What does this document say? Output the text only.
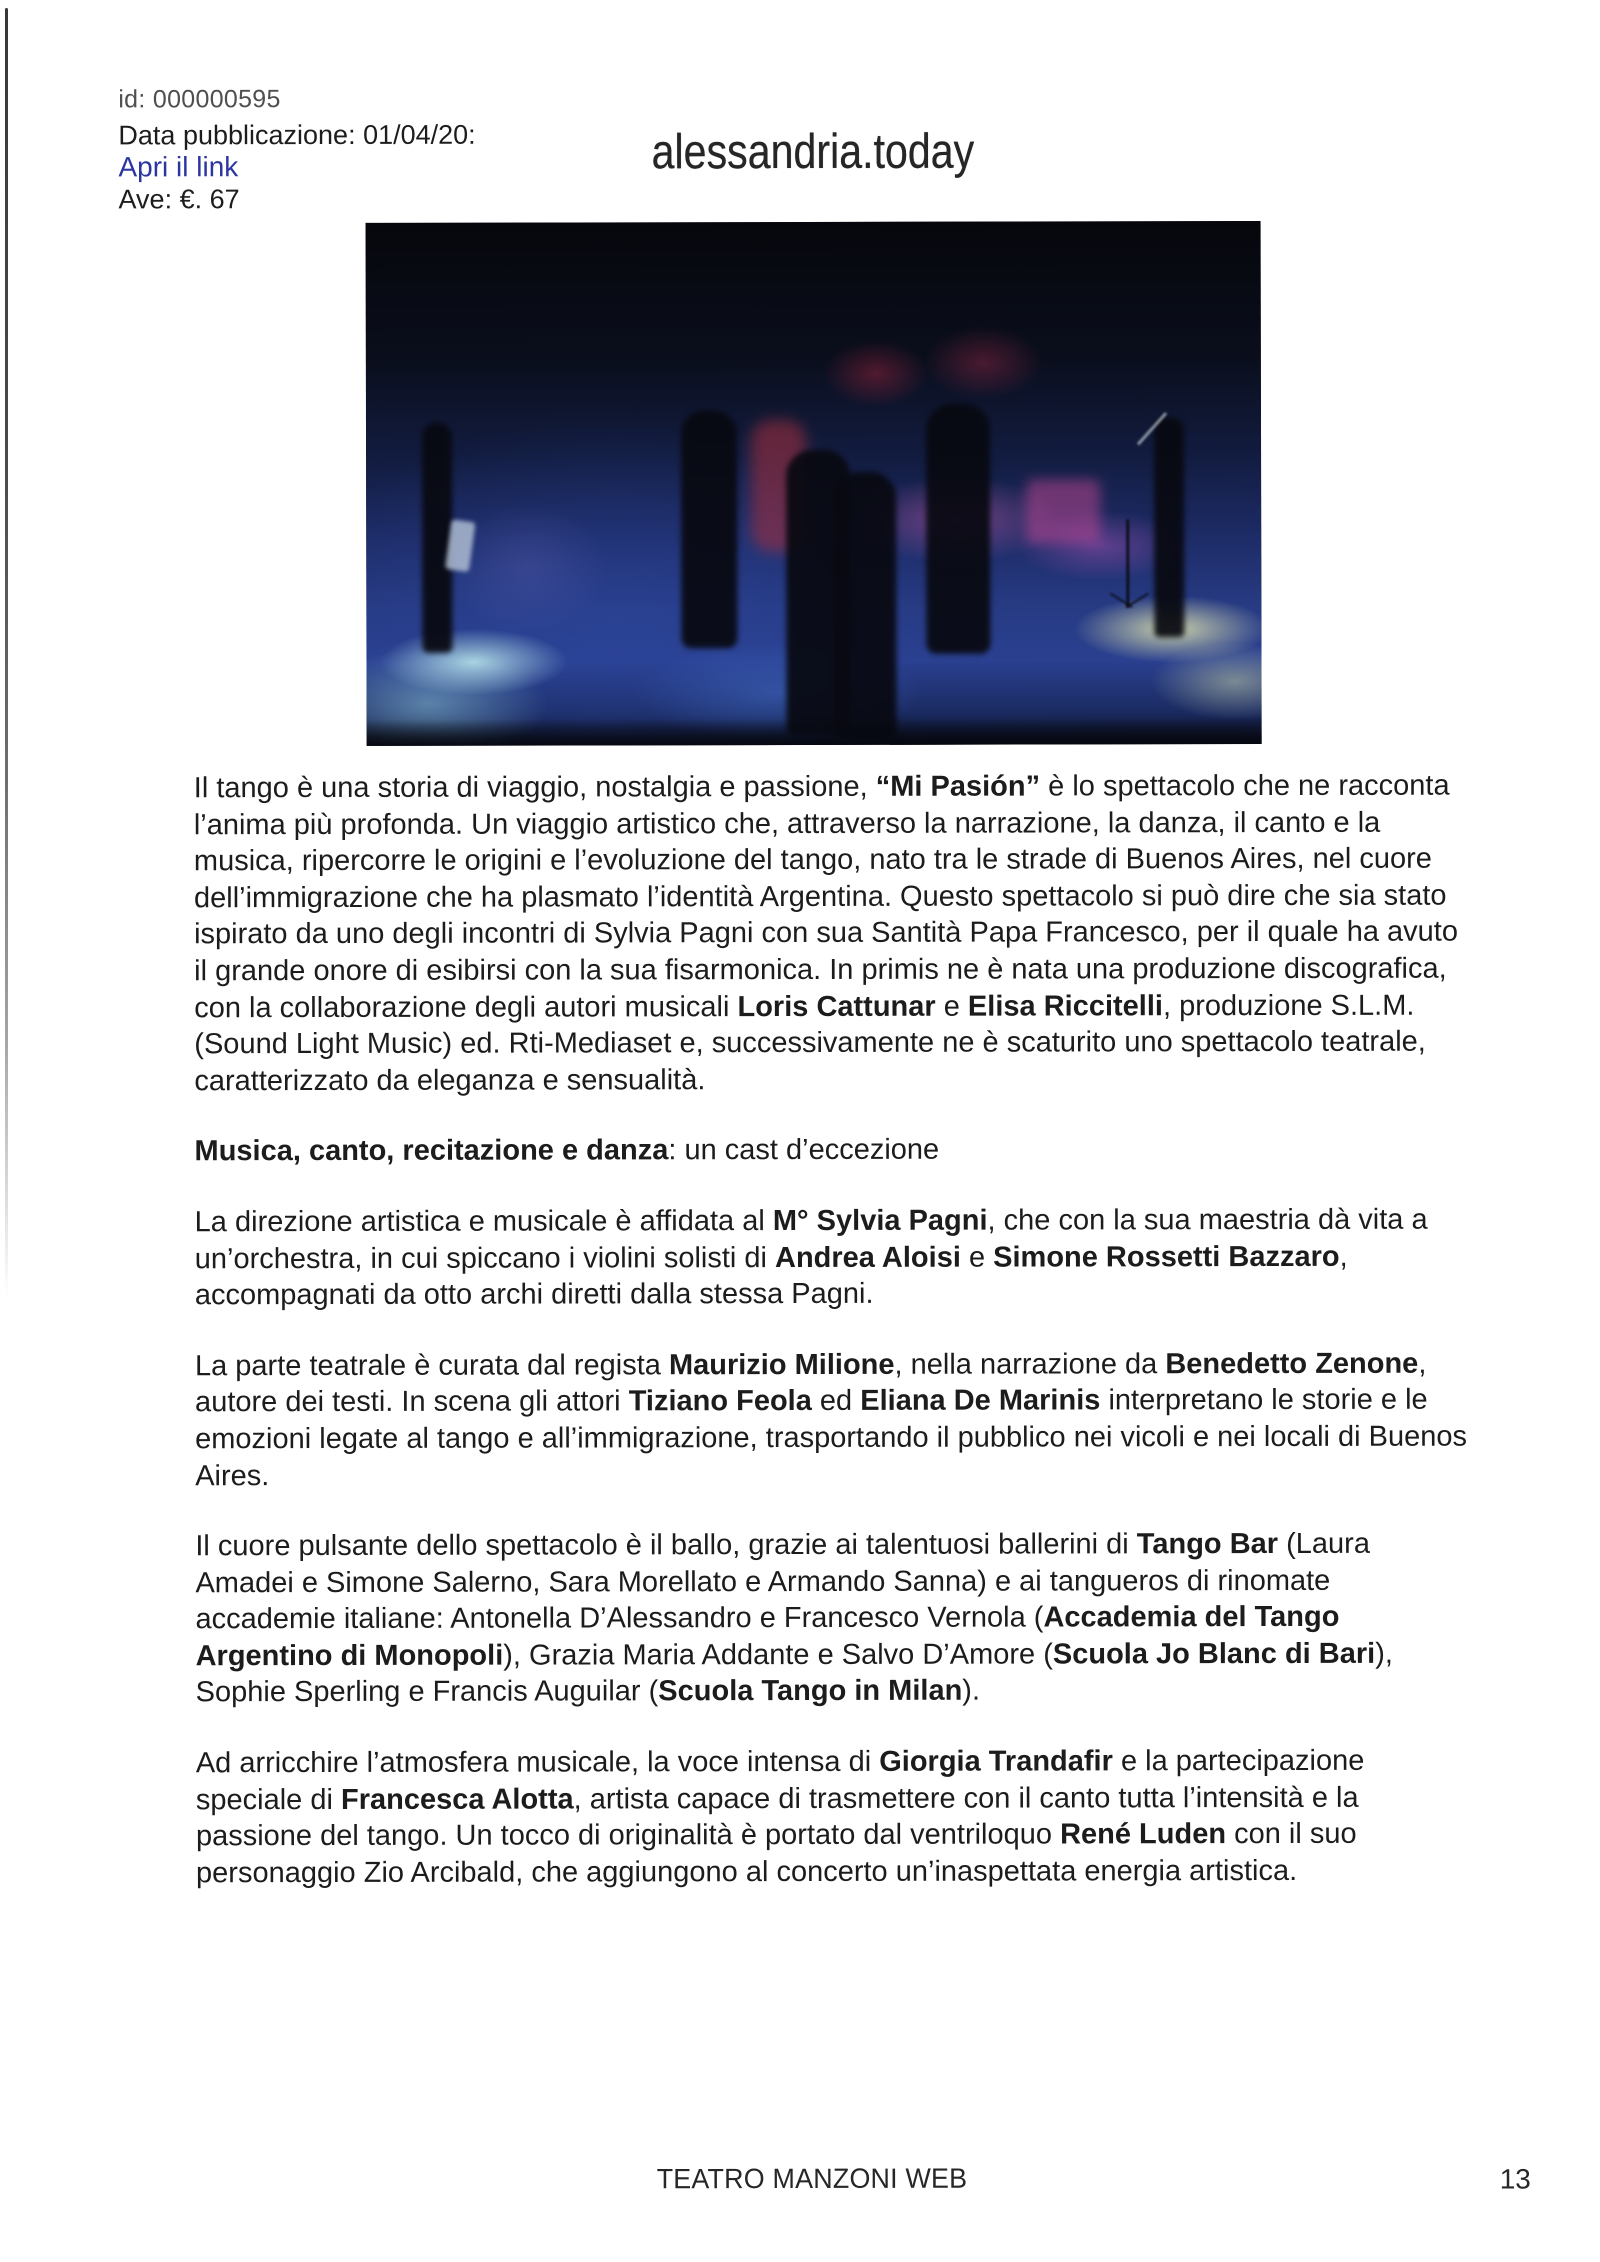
id: 000000595
Data pubblicazione: 01/04/20:
Apri il link
Ave: €. 67
alessandria.today

Il tango è una storia di viaggio, nostalgia e passione, “Mi Pasión” è lo spettacolo che ne racconta l’anima più profonda. Un viaggio artistico che, attraverso la narrazione, la danza, il canto e la musica, ripercorre le origini e l’evoluzione del tango, nato tra le strade di Buenos Aires, nel cuore dell’immigrazione che ha plasmato l’identità Argentina. Questo spettacolo si può dire che sia stato ispirato da uno degli incontri di Sylvia Pagni con sua Santità Papa Francesco, per il quale ha avuto il grande onore di esibirsi con la sua fisarmonica. In primis ne è nata una produzione discografica, con la collaborazione degli autori musicali Loris Cattunar e Elisa Riccitelli, produzione S.L.M.(Sound Light Music) ed. Rti-Mediaset e, successivamente ne è scaturito uno spettacolo teatrale, caratterizzato da eleganza e sensualità.

Musica, canto, recitazione e danza: un cast d’eccezione

La direzione artistica e musicale è affidata al M° Sylvia Pagni, che con la sua maestria dà vita a un’orchestra, in cui spiccano i violini solisti di Andrea Aloisi e Simone Rossetti Bazzaro, accompagnati da otto archi diretti dalla stessa Pagni.

La parte teatrale è curata dal regista Maurizio Milione, nella narrazione da Benedetto Zenone, autore dei testi. In scena gli attori Tiziano Feola ed Eliana De Marinis interpretano le storie e le emozioni legate al tango e all’immigrazione, trasportando il pubblico nei vicoli e nei locali di Buenos Aires.

Il cuore pulsante dello spettacolo è il ballo, grazie ai talentuosi ballerini di Tango Bar (Laura Amadei e Simone Salerno, Sara Morellato e Armando Sanna) e ai tangueros di rinomate accademie italiane: Antonella D’Alessandro e Francesco Vernola (Accademia del Tango Argentino di Monopoli), Grazia Maria Addante e Salvo D’Amore (Scuola Jo Blanc di Bari), Sophie Sperling e Francis Auguilar (Scuola Tango in Milan).

Ad arricchire l’atmosfera musicale, la voce intensa di Giorgia Trandafir e la partecipazione speciale di Francesca Alotta, artista capace di trasmettere con il canto tutta l’intensità e la passione del tango. Un tocco di originalità è portato dal ventriloquo René Luden con il suo personaggio Zio Arcibald, che aggiungono al concerto un’inaspettata energia artistica.

TEATRO MANZONI WEB	13
